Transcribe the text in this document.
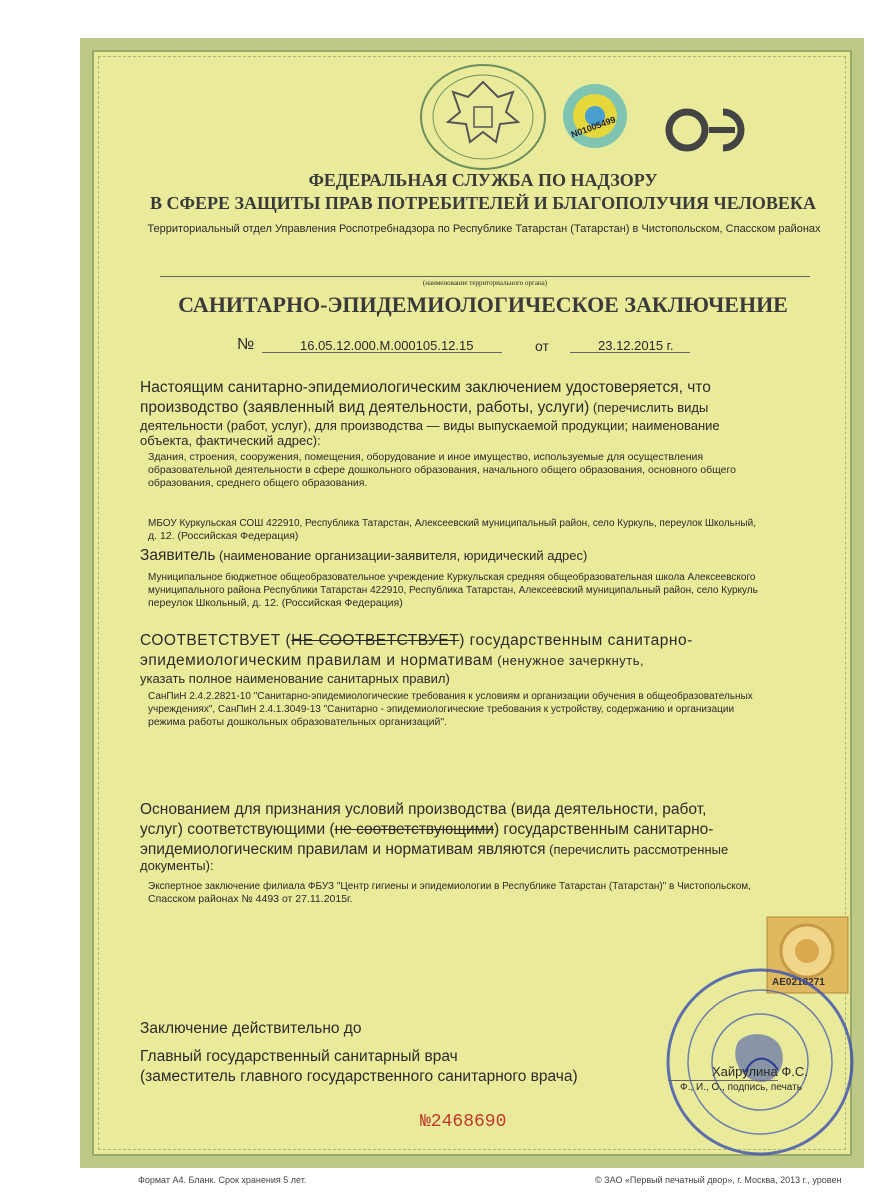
N01005499
ФЕДЕРАЛЬНАЯ СЛУЖБА ПО НАДЗОРУ
В СФЕРЕ ЗАЩИТЫ ПРАВ ПОТРЕБИТЕЛЕЙ И БЛАГОПОЛУЧИЯ ЧЕЛОВЕКА
Территориальный отдел Управления Роспотребнадзора по Республике Татарстан (Татарстан) в Чистопольском, Спасском районах
(наименование территориального органа)
САНИТАРНО-ЭПИДЕМИОЛОГИЧЕСКОЕ ЗАКЛЮЧЕНИЕ
№	16.05.12.000.М.000105.12.15	от	23.12.2015 г.
Настоящим санитарно-эпидемиологическим заключением удостоверяется, что
производство (заявленный вид деятельности, работы, услуги) (перечислить виды
деятельности (работ, услуг), для производства — виды выпускаемой продукции; наименование
объекта, фактический адрес):
Здания, строения, сооружения, помещения, оборудование и иное имущество, используемые для осуществления
образовательной деятельности в сфере дошкольного образования, начального общего образования, основного общего
образования, среднего общего образования.
МБОУ Куркульская СОШ 422910, Республика Татарстан, Алексеевский муниципальный район, село Куркуль, переулок Школьный,
д. 12. (Российская Федерация)
Заявитель (наименование организации-заявителя, юридический адрес)
Муниципальное бюджетное общеобразовательное учреждение Куркульская средняя общеобразовательная школа Алексеевского
муниципального района Республики Татарстан 422910, Республика Татарстан, Алексеевский муниципальный район, село Куркуль
переулок Школьный, д. 12. (Российская Федерация)
СООТВЕТСТВУЕТ (НЕ СООТВЕТСТВУЕТ) государственным санитарно-
эпидемиологическим правилам и нормативам (ненужное зачеркнуть,
указать полное наименование санитарных правил)
СанПиН 2.4.2.2821-10 "Санитарно-эпидемиологические требования к условиям и организации обучения в общеобразовательных
учреждениях", СанПиН 2.4.1.3049-13 "Санитарно - эпидемиологические требования к устройству, содержанию и организации
режима работы дошкольных образовательных организаций".
Основанием для признания условий производства (вида деятельности, работ,
услуг) соответствующими (не соответствующими) государственным санитарно-
эпидемиологическим правилам и нормативам являются (перечислить рассмотренные
документы):
Экспертное заключение филиала ФБУЗ "Центр гигиены и эпидемиологии в Республике Татарстан (Татарстан)" в Чистопольском,
Спасском районах № 4493 от 27.11.2015г.
АЕ0218271
Заключение действительно до
Главный государственный санитарный врач
(заместитель главного государственного санитарного врача)	Хайрулина Ф.С.
Ф., И., О., подпись, печать
№2468690
Формат А4. Бланк. Срок хранения 5 лет.	© ЗАО «Первый печатный двор», г. Москва, 2013 г., уровен
